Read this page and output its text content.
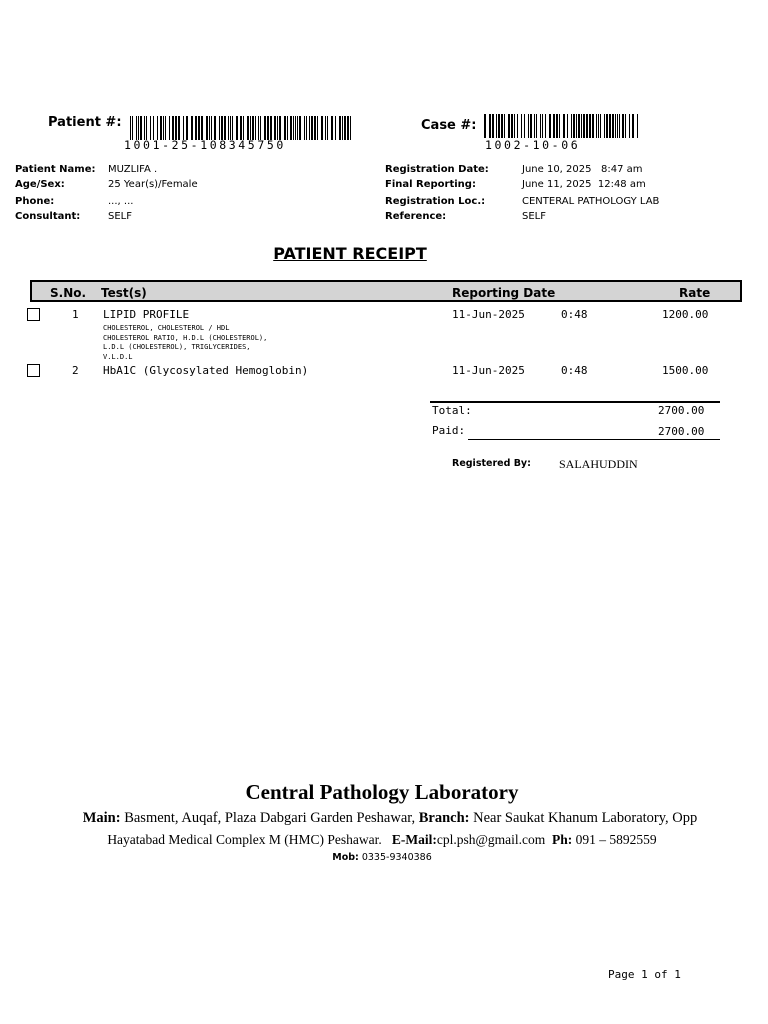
Patient #:
1001-25-108345750
Case #:
1002-10-06
Patient Name: MUZLIFA .
Age/Sex:	25 Year(s)/Female
Phone:	..., ...
Consultant:	SELF
Registration Date:	June 10, 2025   8:47 am
Final Reporting:	June 11, 2025  12:48 am
Registration Loc.:	CENTERAL PATHOLOGY LAB
Reference:	SELF
PATIENT RECEIPT
S.No. Test(s)	Reporting Date	Rate
1 LIPID PROFILE
CHOLESTEROL, CHOLESTEROL / HDL
CHOLESTEROL RATIO, H.D.L (CHOLESTEROL),
L.D.L (CHOLESTEROL), TRIGLYCERIDES,
V.L.D.L
11-Jun-2025	0:48	1200.00
2 HbA1C (Glycosylated Hemoglobin)	11-Jun-2025	0:48	1500.00
Total:	2700.00
Paid:	2700.00
Registered By: SALAHUDDIN
Central Pathology Laboratory
Main: Basment, Auqaf, Plaza Dabgari Garden Peshawar, Branch: Near Saukat Khanum Laboratory, Opp
Hayatabad Medical Complex M (HMC) Peshawar. E-Mail:cpl.psh@gmail.com Ph: 091 – 5892559
Mob: 0335-9340386
Page 1 of 1
